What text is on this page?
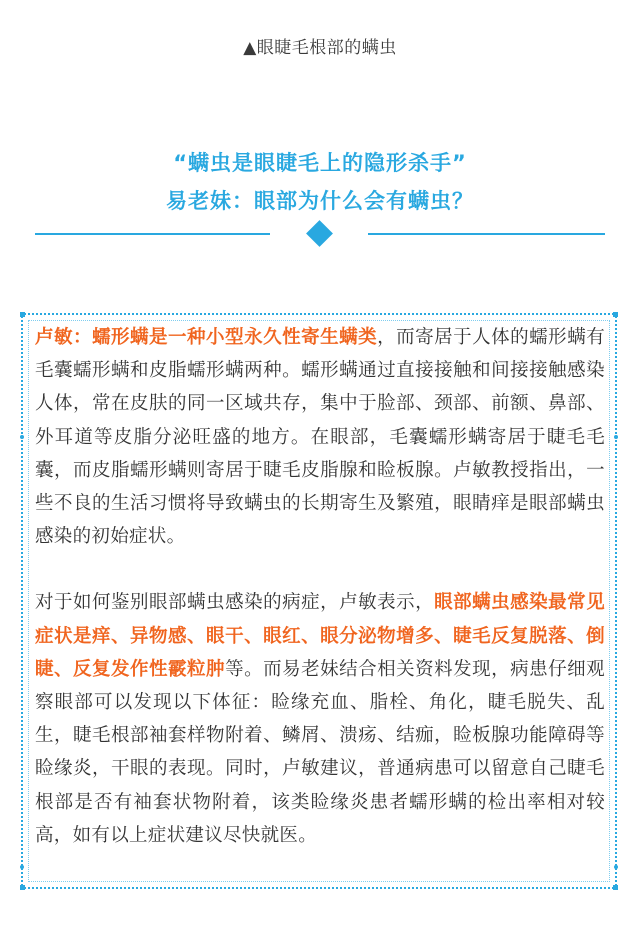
▲眼睫毛根部的螨虫
“螨虫是眼睫毛上的隐形杀手”
易老妹：眼部为什么会有螨虫？

卢敏：蠕形螨是一种小型永久性寄生螨类，而寄居于人体的蠕形螨有毛囊蠕形螨和皮脂蠕形螨两种。蠕形螨通过直接接触和间接接触感染人体，常在皮肤的同一区域共存，集中于脸部、颈部、前额、鼻部、外耳道等皮脂分泌旺盛的地方。在眼部，毛囊蠕形螨寄居于睫毛毛囊，而皮脂蠕形螨则寄居于睫毛皮脂腺和睑板腺。卢敏教授指出，一些不良的生活习惯将导致螨虫的长期寄生及繁殖，眼睛痒是眼部螨虫感染的初始症状。

对于如何鉴别眼部螨虫感染的病症，卢敏表示，眼部螨虫感染最常见症状是痒、异物感、眼干、眼红、眼分泌物增多、睫毛反复脱落、倒睫、反复发作性霰粒肿等。而易老妹结合相关资料发现，病患仔细观察眼部可以发现以下体征：睑缘充血、脂栓、角化，睫毛脱失、乱生，睫毛根部袖套样物附着、鳞屑、溃疡、结痂，睑板腺功能障碍等睑缘炎，干眼的表现。同时，卢敏建议，普通病患可以留意自己睫毛根部是否有袖套状物附着，该类睑缘炎患者蠕形螨的检出率相对较高，如有以上症状建议尽快就医。
